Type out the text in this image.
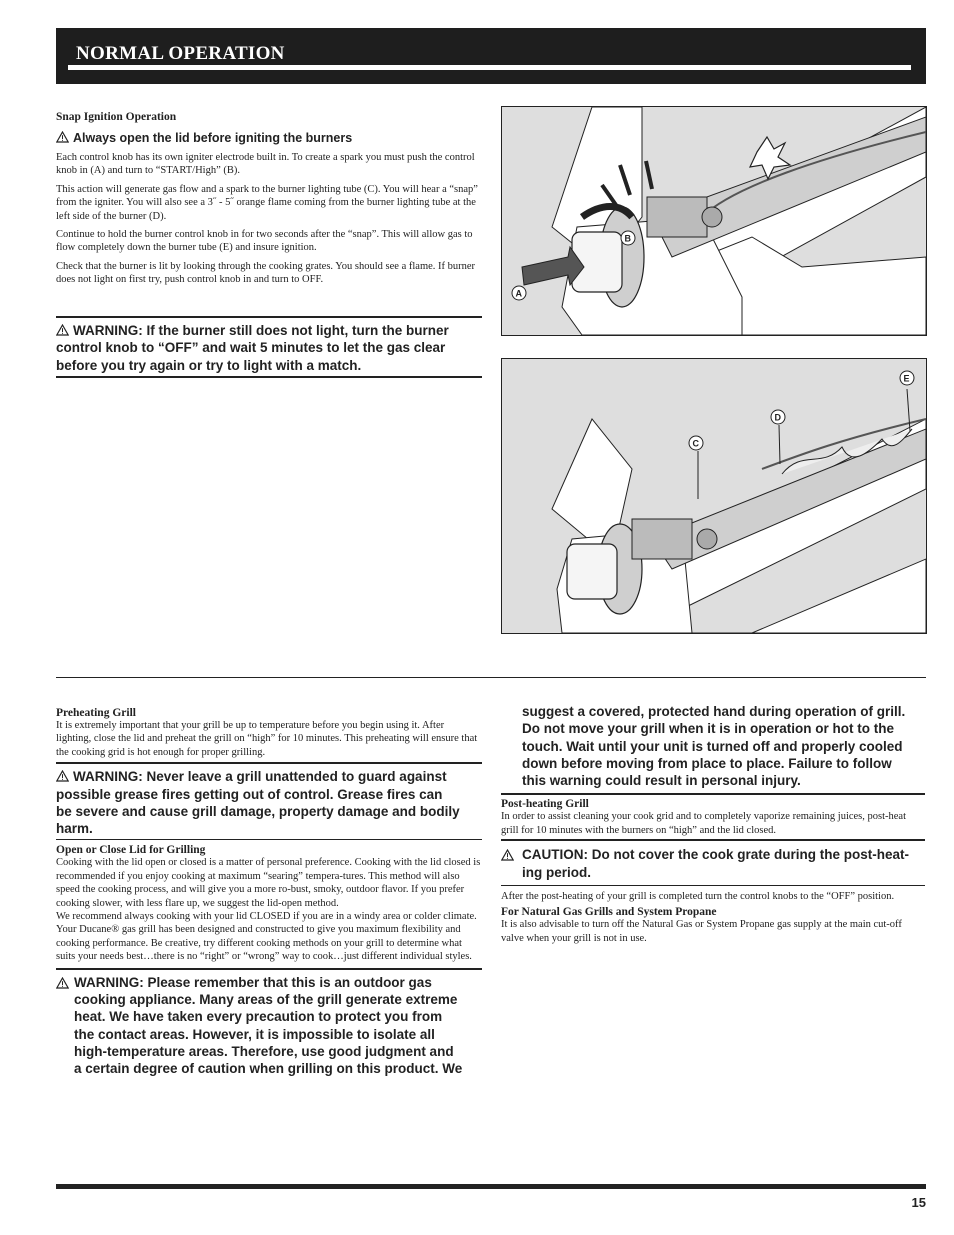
NORMAL OPERATION

Snap Ignition Operation

Always open the lid before igniting the burners

Each control knob has its own igniter electrode built in. To create a spark you must push the control knob in (A) and turn to “START/High” (B).

This action will generate gas flow and a spark to the burner lighting tube (C). You will hear a “snap” from the igniter. You will also see a 3˝ - 5˝ orange flame coming from the burner lighting tube at the left side of the burner (D).

Continue to hold the burner control knob in for two seconds after the “snap”. This will allow gas to flow completely down the burner tube (E) and insure ignition.

Check that the burner is lit by looking through the cooking grates. You should see a flame. If burner does not light on first try, push control knob in and turn to OFF.

WARNING: If the burner still does not light, turn the burner
control knob to “OFF” and wait 5 minutes to let the gas clear
before you try again or try to light with a match.
B
A
E
D
C

Preheating Grill

It is extremely important that your grill be up to temperature before you begin using it. After lighting, close the lid and preheat the grill on “high” for 10 minutes. This preheating will ensure that the cooking grid is hot enough for proper grilling.

WARNING: Never leave a grill unattended to guard against
possible grease fires getting out of control. Grease fires can
be severe and cause grill damage, property damage and bodily
harm.

Open or Close Lid for Grilling

Cooking with the lid open or closed is a matter of personal preference. Cooking with the lid closed is recommended if you enjoy cooking at maximum “searing” tempera-tures. This method will also speed the cooking process, and will give you a more ro-bust, smoky, outdoor flavor. If you prefer cooking slower, with less flare up, we suggest the lid-open method.

We recommend always cooking with your lid CLOSED if you are in a windy area or colder climate. Your Ducane® gas grill has been designed and constructed to give you maximum flexibility and cooking performance. Be creative, try different cooking methods on your grill to determine what suits your needs best…there is no “right” or “wrong” way to cook…just different individual styles.

WARNING: Please remember that this is an outdoor gas
cooking appliance. Many areas of the grill generate extreme
heat. We have taken every precaution to protect you from
the contact areas. However, it is impossible to isolate all
high-temperature areas. Therefore, use good judgment and
a certain degree of caution when grilling on this product. We
suggest a covered, protected hand during operation of grill.
Do not move your grill when it is in operation or hot to the
touch. Wait until your unit is turned off and properly cooled
down before moving from place to place. Failure to follow
this warning could result in personal injury.

Post-heating Grill

In order to assist cleaning your cook grid and to completely vaporize remaining juices, post-heat grill for 10 minutes with the burners on “high” and the lid closed.

CAUTION: Do not cover the cook grate during the post-heat-
ing period.

After the post-heating of your grill is completed turn the control knobs to the “OFF” position.

For Natural Gas Grills and System Propane

It is also advisable to turn off the Natural Gas or System Propane gas supply at the main cut-off valve when your grill is not in use.

15
